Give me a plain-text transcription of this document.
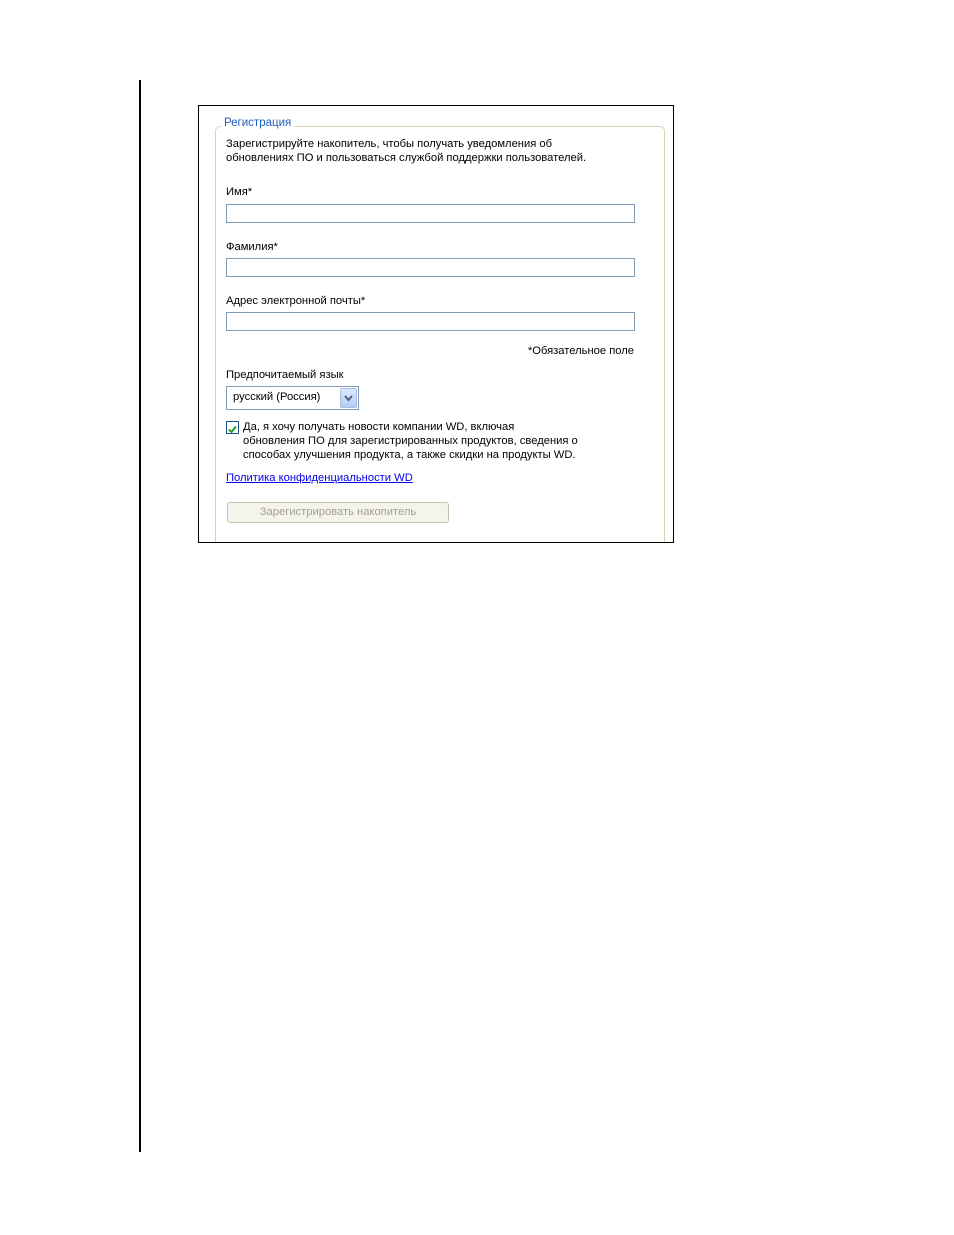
Регистрация
Зарегистрируйте накопитель, чтобы получать уведомления об
обновлениях ПО и пользоваться службой поддержки пользователей.
Имя*
Фамилия*
Адрес электронной почты*
*Обязательное поле
Предпочитаемый язык
русский (Россия)
Да, я хочу получать новости компании WD, включая
обновления ПО для зарегистрированных продуктов, сведения о
способах улучшения продукта, а также скидки на продукты WD.
Политика конфиденциальности WD
Зарегистрировать накопитель
